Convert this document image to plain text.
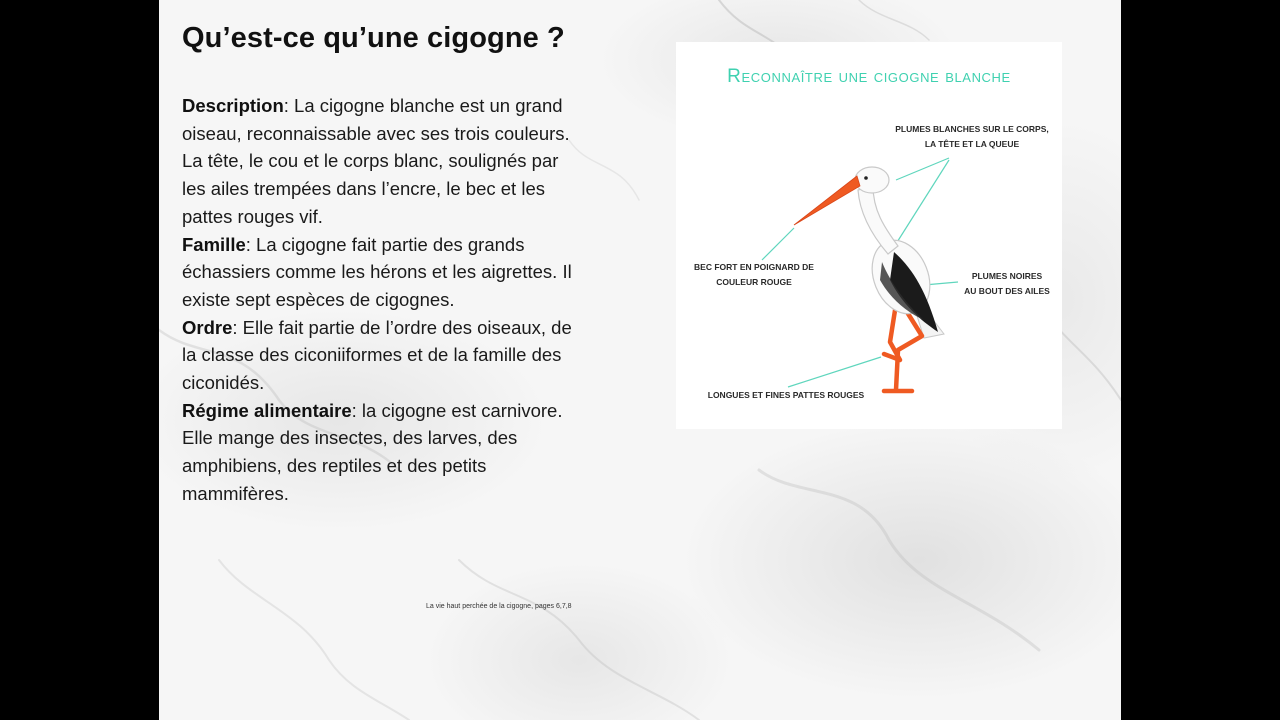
Qu’est-ce qu’une cigogne ?

Description: La cigogne blanche est un grand oiseau, reconnaissable avec ses trois couleurs. La tête, le cou et le corps blanc, soulignés par les ailes trempées dans l’encre, le bec et les pattes rouges vif.

Famille: La cigogne fait partie des grands échassiers comme les hérons et les aigrettes. Il existe sept espèces de cigognes.

Ordre: Elle fait partie de l’ordre des oiseaux, de la classe des ciconiiformes et de la famille des ciconidés.

Régime alimentaire: la cigogne est carnivore. Elle mange des insectes, des larves, des amphibiens, des reptiles et des petits mammifères.

La vie haut perchée de la cigogne, pages 6,7,8
Reconnaître une cigogne blanche
PLUMES BLANCHES SUR LE CORPS,
LA TÊTE ET LA QUEUE
BEC FORT EN POIGNARD DE
COULEUR ROUGE
PLUMES NOIRES
AU BOUT DES AILES
LONGUES ET FINES PATTES ROUGES
